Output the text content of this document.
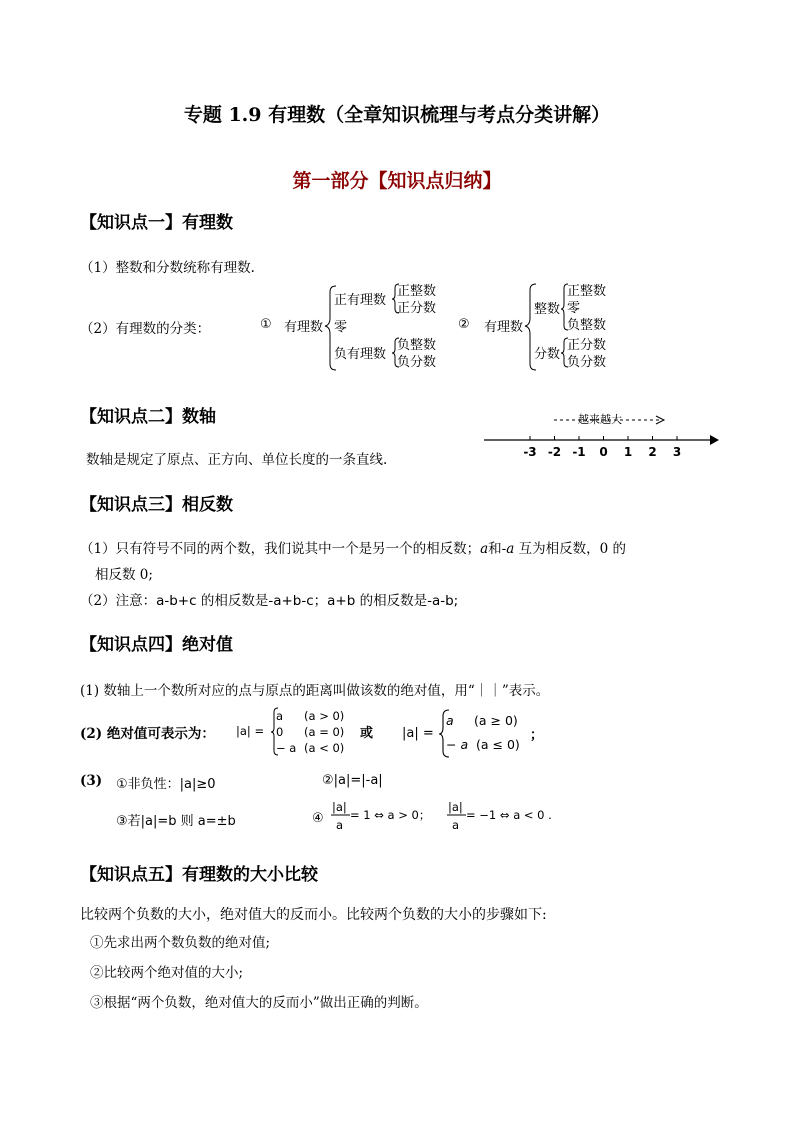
专题 1.9 有理数（全章知识梳理与考点分类讲解）
第一部分【知识点归纳】
【知识点一】有理数
（1）整数和分数统称有理数.
（2）有理数的分类：	① 有理数
正有理数
正整数
正分数
零
负有理数
负整数
负分数
② 有理数
整数
正整数
零
负整数
分数
正分数
负分数
【知识点二】数轴
数轴是规定了原点、正方向、单位长度的一条直线.
越来越大
-3 -2 -1 0 1 2 3
【知识点三】相反数
（1）只有符号不同的两个数，我们说其中一个是另一个的相反数；a和-a 互为相反数，0 的
相反数 0;
（2）注意：a-b+c 的相反数是-a+b-c；a+b 的相反数是-a-b;
【知识点四】绝对值
(1) 数轴上一个数所对应的点与原点的距离叫做该数的绝对值，用“｜｜”表示。
(2) 绝对值可表示为： |a| =
a (a > 0)
0 (a = 0)
− a (a < 0)
或 |a| =
a (a ≥ 0)
− a (a ≤ 0)
；
(3) ①非负性：|a|≥0	②|a|=|-a|
③若|a|=b 则 a=±b	④
|a|
a
= 1 ⇔ a > 0；
|a|
a
= −1 ⇔ a < 0 .
【知识点五】有理数的大小比较
比较两个负数的大小，绝对值大的反而小。比较两个负数的大小的步骤如下:
①先求出两个数负数的绝对值;
②比较两个绝对值的大小;
③根据“两个负数，绝对值大的反而小”做出正确的判断。
